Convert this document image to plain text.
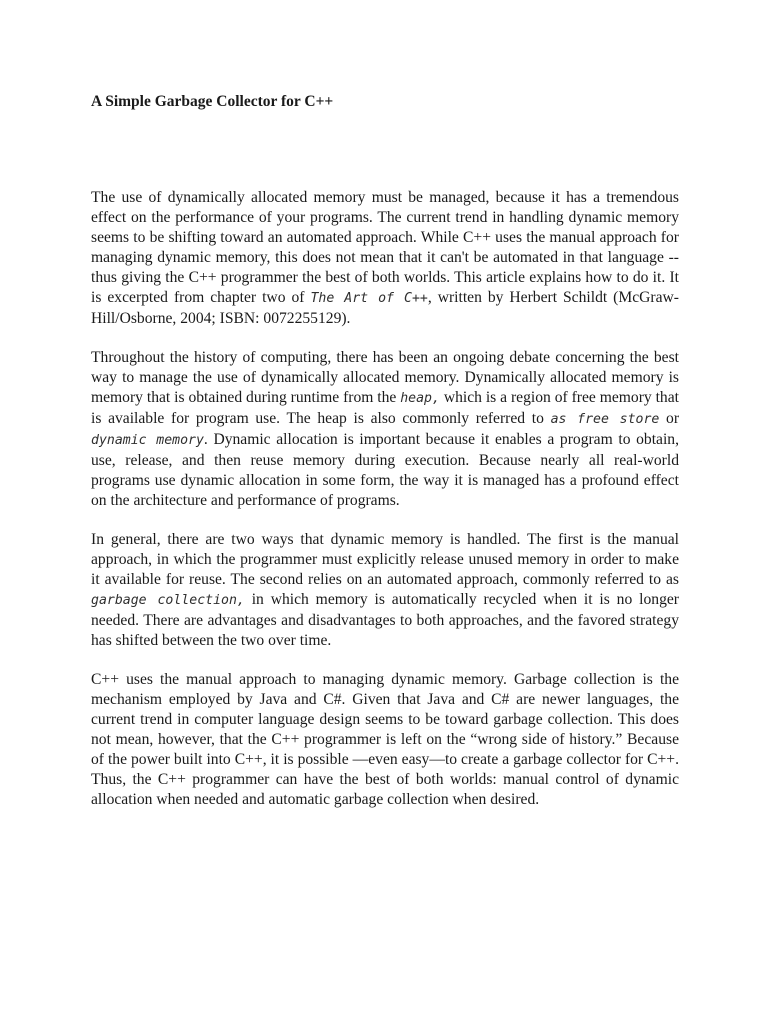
A Simple Garbage Collector for C++

The use of dynamically allocated memory must be managed, because it has a tremendous effect on the performance of your programs. The current trend in handling dynamic memory seems to be shifting toward an automated approach. While C++ uses the manual approach for managing dynamic memory, this does not mean that it can't be automated in that language -- thus giving the C++ programmer the best of both worlds. This article explains how to do it. It is excerpted from chapter two of The Art of C++, written by Herbert Schildt (McGraw-Hill/Osborne, 2004; ISBN: 0072255129).

Throughout the history of computing, there has been an ongoing debate concerning the best way to manage the use of dynamically allocated memory. Dynamically allocated memory is memory that is obtained during runtime from the heap, which is a region of free memory that is available for program use. The heap is also commonly referred to as free store or dynamic memory. Dynamic allocation is important because it enables a program to obtain, use, release, and then reuse memory during execution. Because nearly all real-world programs use dynamic allocation in some form, the way it is managed has a profound effect on the architecture and performance of programs.

In general, there are two ways that dynamic memory is handled. The first is the manual approach, in which the programmer must explicitly release unused memory in order to make it available for reuse. The second relies on an automated approach, commonly referred to as garbage collection, in which memory is automatically recycled when it is no longer needed. There are advantages and disadvantages to both approaches, and the favored strategy has shifted between the two over time.

C++ uses the manual approach to managing dynamic memory. Garbage collection is the mechanism employed by Java and C#. Given that Java and C# are newer languages, the current trend in computer language design seems to be toward garbage collection. This does not mean, however, that the C++ programmer is left on the “wrong side of history.” Because of the power built into C++, it is possible —even easy—to create a garbage collector for C++. Thus, the C++ programmer can have the best of both worlds: manual control of dynamic allocation when needed and automatic garbage collection when desired.
